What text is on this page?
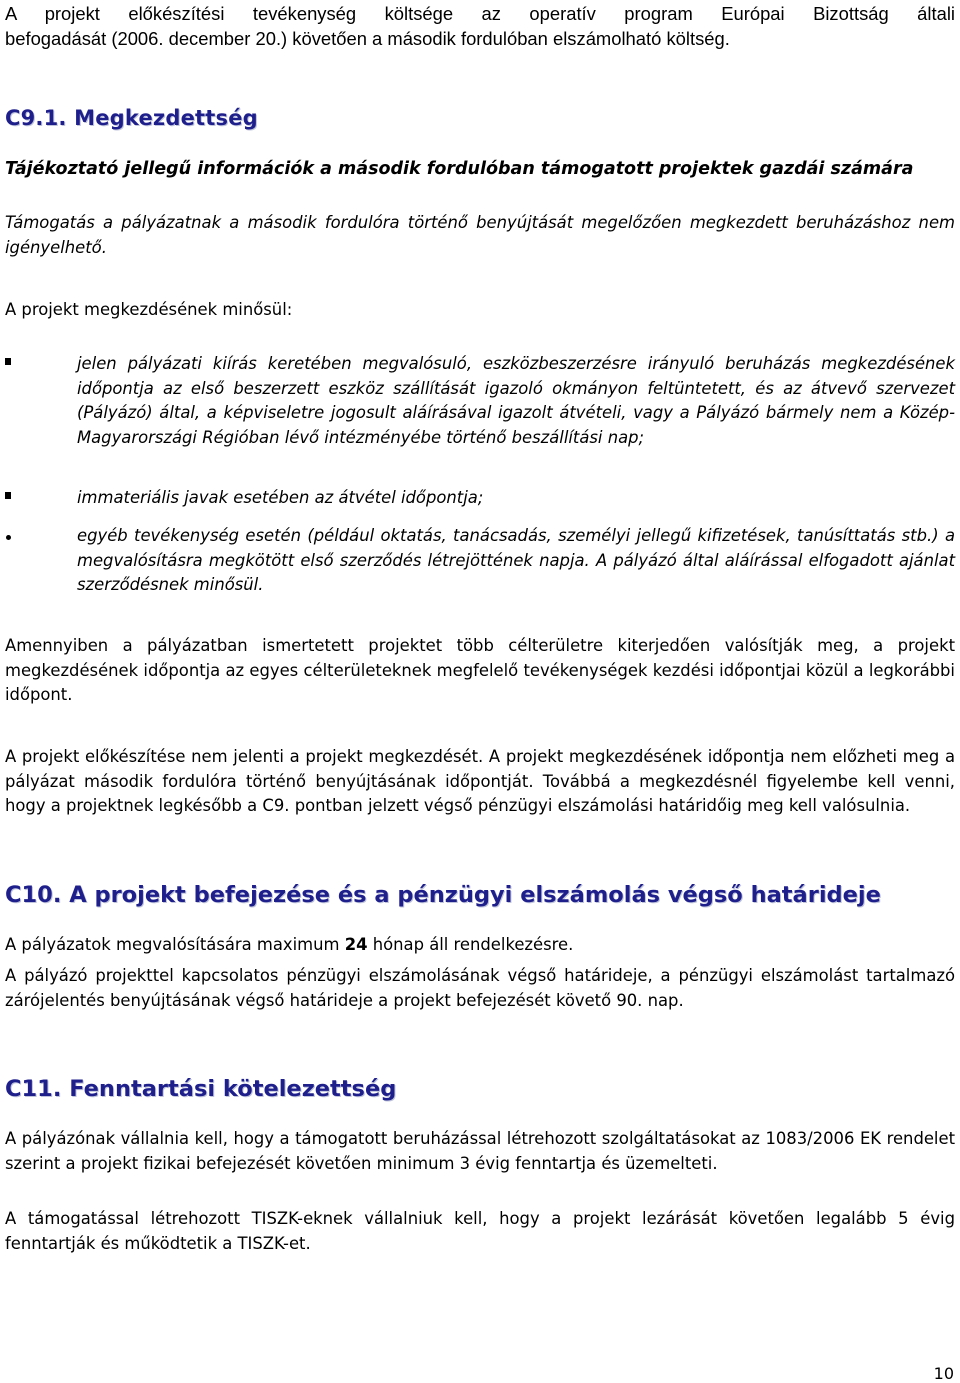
A projekt előkészítési tevékenység költsége az operatív program Európai Bizottság általi
befogadását (2006. december 20.) követően a második fordulóban elszámolható költség.
C9.1. Megkezdettség
Tájékoztató jellegű információk a második fordulóban támogatott projektek gazdái számára
Támogatás a pályázatnak a második fordulóra történő benyújtását megelőzően megkezdett beruházáshoz nem igényelhető.
A projekt megkezdésének minősül:
jelen pályázati kiírás keretében megvalósuló, eszközbeszerzésre irányuló beruházás megkezdésének időpontja az első beszerzett eszköz szállítását igazoló okmányon feltüntetett, és az átvevő szervezet (Pályázó) által, a képviseletre jogosult aláírásával igazolt átvételi, vagy a Pályázó bármely nem a Közép-Magyarországi Régióban lévő intézményébe történő beszállítási nap;
immateriális javak esetében az átvétel időpontja;
egyéb tevékenység esetén (például oktatás, tanácsadás, személyi jellegű kifizetések, tanúsíttatás stb.) a megvalósításra megkötött első szerződés létrejöttének napja. A pályázó által aláírással elfogadott ajánlat szerződésnek minősül.
Amennyiben a pályázatban ismertetett projektet több célterületre kiterjedően valósítják meg, a projekt megkezdésének időpontja az egyes célterületeknek megfelelő tevékenységek kezdési időpontjai közül a legkorábbi időpont.
A projekt előkészítése nem jelenti a projekt megkezdését. A projekt megkezdésének időpontja nem előzheti meg a pályázat második fordulóra történő benyújtásának időpontját. Továbbá a megkezdésnél figyelembe kell venni, hogy a projektnek legkésőbb a C9. pontban jelzett végső pénzügyi elszámolási határidőig meg kell valósulnia.
C10. A projekt befejezése és a pénzügyi elszámolás végső határideje
A pályázatok megvalósítására maximum 24 hónap áll rendelkezésre.
A pályázó projekttel kapcsolatos pénzügyi elszámolásának végső határideje, a pénzügyi elszámolást tartalmazó zárójelentés benyújtásának végső határideje a projekt befejezését követő 90. nap.
C11. Fenntartási kötelezettség
A pályázónak vállalnia kell, hogy a támogatott beruházással létrehozott szolgáltatásokat az 1083/2006 EK rendelet szerint a projekt fizikai befejezését követően minimum 3 évig fenntartja és üzemelteti.
A támogatással létrehozott TISZK-eknek vállalniuk kell, hogy a projekt lezárását követően legalább 5 évig fenntartják és működtetik a TISZK-et.
10
